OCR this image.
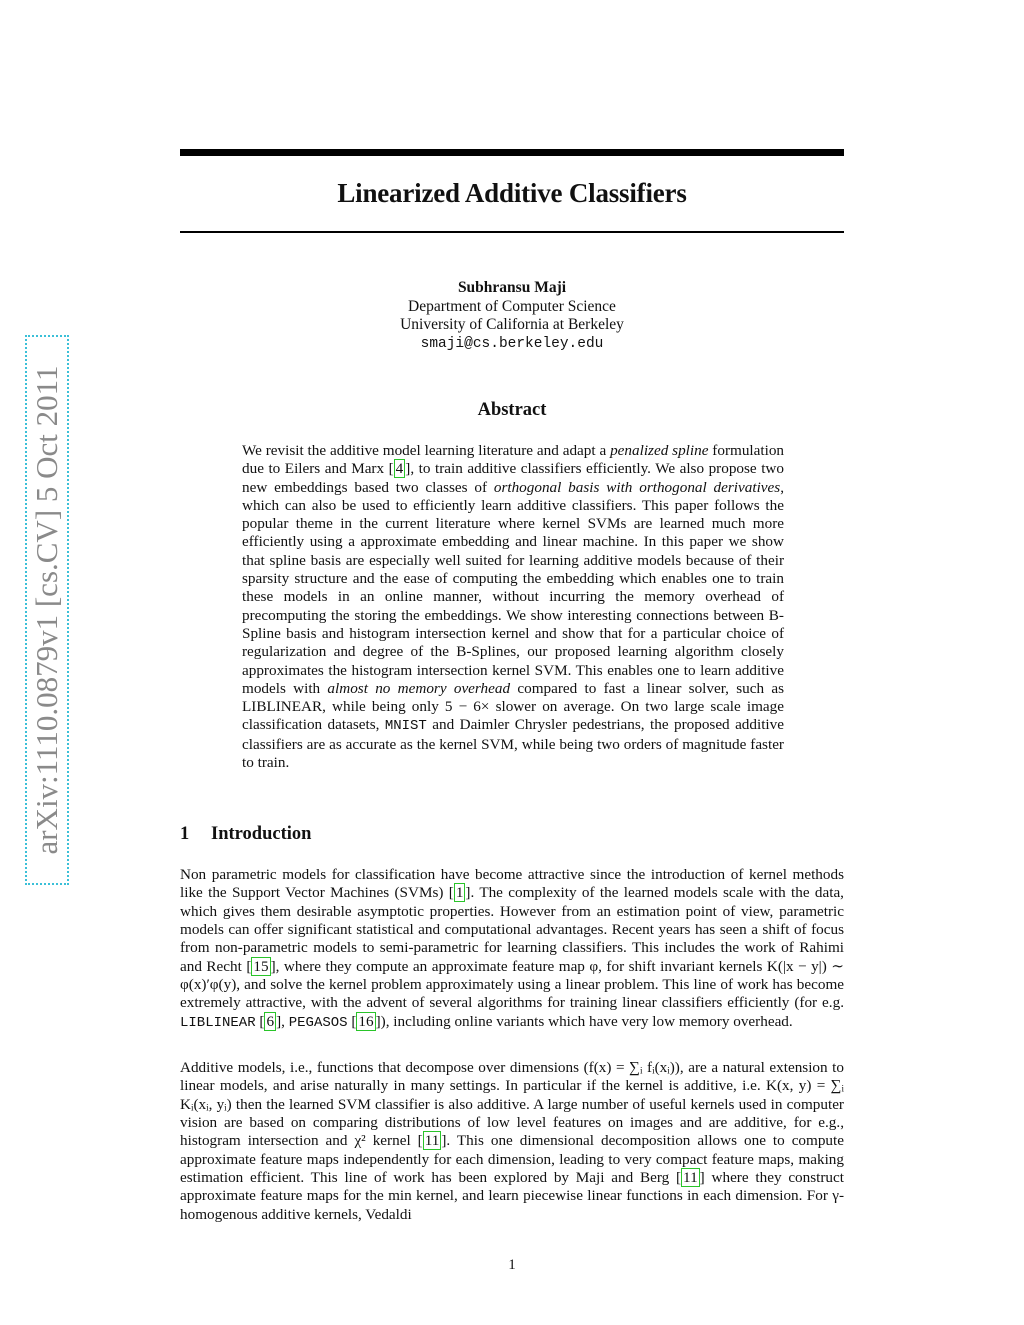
arXiv:1110.0879v1 [cs.CV] 5 Oct 2011
Linearized Additive Classifiers
Subhransu Maji
Department of Computer Science
University of California at Berkeley
smaji@cs.berkeley.edu
Abstract
We revisit the additive model learning literature and adapt a penalized spline formulation due to Eilers and Marx [ 4 ], to train additive classifiers efficiently. We also propose two new embeddings based two classes of orthogonal basis with orthogonal derivatives, which can also be used to efficiently learn additive classifiers. This paper follows the popular theme in the current literature where kernel SVMs are learned much more efficiently using a approximate embedding and linear machine. In this paper we show that spline basis are especially well suited for learning additive models because of their sparsity structure and the ease of computing the embedding which enables one to train these models in an online manner, without incurring the memory overhead of precomputing the storing the embeddings. We show interesting connections between B-Spline basis and histogram intersection kernel and show that for a particular choice of regularization and degree of the B-Splines, our proposed learning algorithm closely approximates the histogram intersection kernel SVM. This enables one to learn additive models with almost no memory overhead compared to fast a linear solver, such as LIBLINEAR, while being only 5 − 6× slower on average. On two large scale image classification datasets, MNIST and Daimler Chrysler pedestrians, the proposed additive classifiers are as accurate as the kernel SVM, while being two orders of magnitude faster to train.
1 Introduction
Non parametric models for classification have become attractive since the introduction of kernel methods like the Support Vector Machines (SVMs) [ 1 ]. The complexity of the learned models scale with the data, which gives them desirable asymptotic properties. However from an estimation point of view, parametric models can offer significant statistical and computational advantages. Recent years has seen a shift of focus from non-parametric models to semi-parametric for learning classifiers. This includes the work of Rahimi and Recht [ 15 ], where they compute an approximate feature map φ, for shift invariant kernels K(|x − y|) ∼ φ(x)′φ(y), and solve the kernel problem approximately using a linear problem. This line of work has become extremely attractive, with the advent of several algorithms for training linear classifiers efficiently (for e.g. LIBLINEAR [ 6 ], PEGASOS [ 16 ]), including online variants which have very low memory overhead.
Additive models, i.e., functions that decompose over dimensions (f(x) = ∑ᵢ fᵢ(xᵢ)), are a natural extension to linear models, and arise naturally in many settings. In particular if the kernel is additive, i.e. K(x, y) = ∑ᵢ Kᵢ(xᵢ, yᵢ) then the learned SVM classifier is also additive. A large number of useful kernels used in computer vision are based on comparing distributions of low level features on images and are additive, for e.g., histogram intersection and χ² kernel [ 11 ]. This one dimensional decomposition allows one to compute approximate feature maps independently for each dimension, leading to very compact feature maps, making estimation efficient. This line of work has been explored by Maji and Berg [ 11 ] where they construct approximate feature maps for the min kernel, and learn piecewise linear functions in each dimension. For γ-homogenous additive kernels, Vedaldi
1
